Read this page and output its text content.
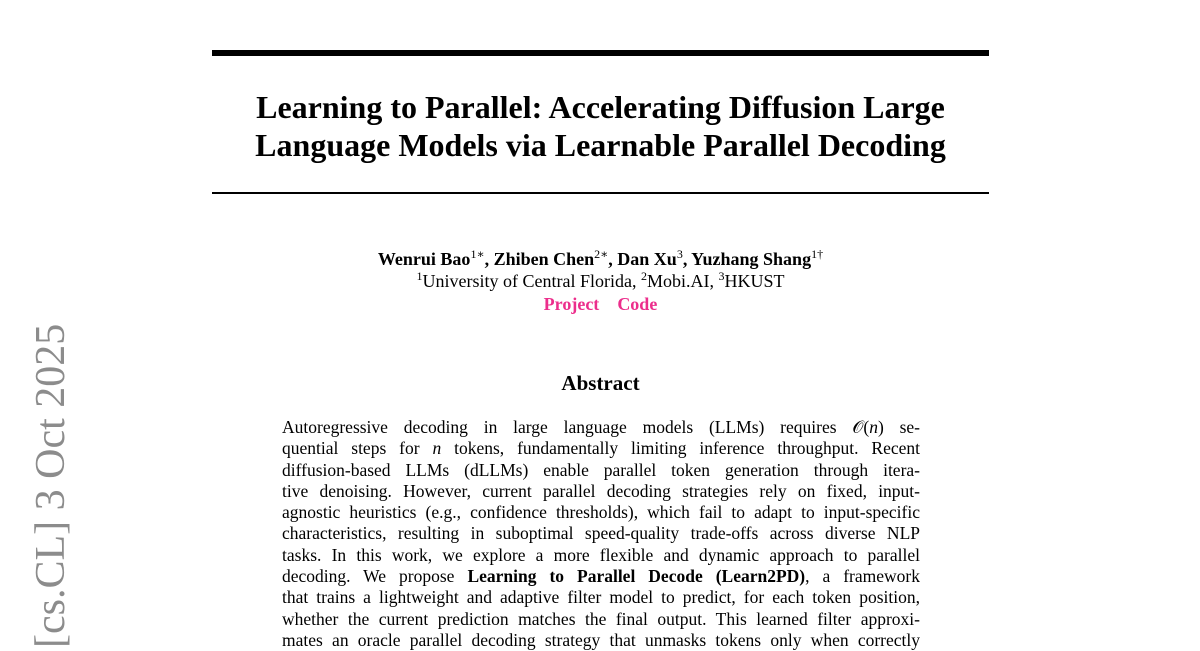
Learning to Parallel: Accelerating Diffusion Large
Language Models via Learnable Parallel Decoding
Wenrui Bao$^{1∗}$, Zhiben Chen$^{2∗}$, Dan Xu$^3$, Yuzhang Shang$^{1\dagger}$
$^1$University of Central Florida, $^2$Mobi.AI, $^3$HKUST
Project Code
Abstract
Autoregressive decoding in large language models (LLMs) requires 𝒪(n) se-
quential steps for n tokens, fundamentally limiting inference throughput. Recent
diffusion-based LLMs (dLLMs) enable parallel token generation through itera-
tive denoising. However, current parallel decoding strategies rely on fixed, input-
agnostic heuristics (e.g., confidence thresholds), which fail to adapt to input-specific
characteristics, resulting in suboptimal speed-quality trade-offs across diverse NLP
tasks. In this work, we explore a more flexible and dynamic approach to parallel
decoding. We propose Learning to Parallel Decode (Learn2PD), a framework
that trains a lightweight and adaptive filter model to predict, for each token position,
whether the current prediction matches the final output. This learned filter approxi-
mates an oracle parallel decoding strategy that unmasks tokens only when correctly
[cs.CL] 3 Oct 2025
